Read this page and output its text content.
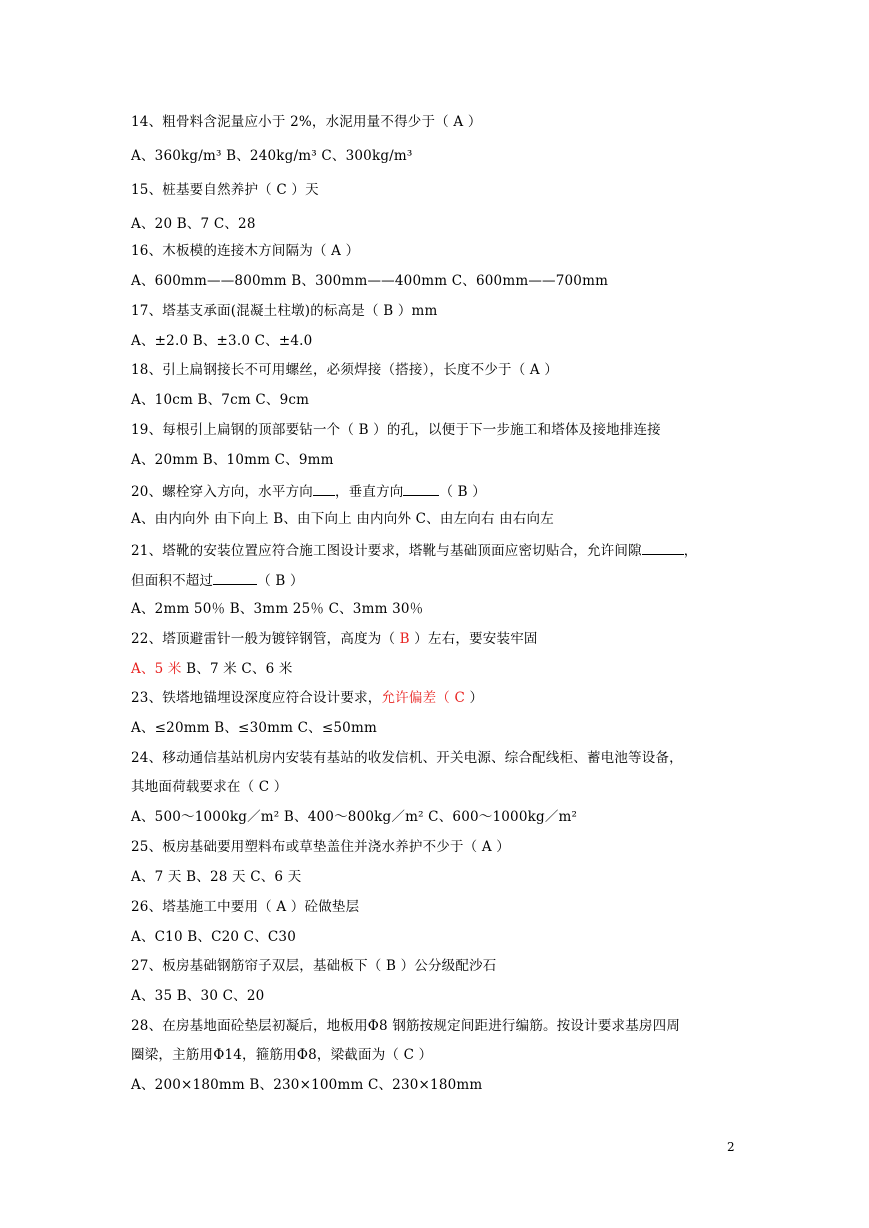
14、粗骨料含泥量应小于 2%，水泥用量不得少于（ A ）
A、360kg/m³ B、240kg/m³ C、300kg/m³
15、桩基要自然养护（ C ）天
A、20 B、7 C、28
16、木板模的连接木方间隔为（ A ）
A、600mm——800mm B、300mm——400mm C、600mm——700mm
17、塔基支承面(混凝土柱墩)的标高是（ B ）mm
A、±2.0 B、±3.0 C、±4.0
18、引上扁钢接长不可用螺丝，必须焊接（搭接），长度不少于（ A ）
A、10cm B、7cm C、9cm
19、每根引上扁钢的顶部要钻一个（ B ）的孔，以便于下一步施工和塔体及接地排连接
A、20mm B、10mm C、9mm
20、螺栓穿入方向，水平方向 ，垂直方向	（ B ）
A、由内向外 由下向上 B、由下向上 由内向外 C、由左向右 由右向左
21、塔靴的安装位置应符合施工图设计要求，塔靴与基础顶面应密切贴合，允许间隙	，
但面积不超过	（ B ）
A、2mm 50％ B、3mm 25％ C、3mm 30％
22、塔顶避雷针一般为镀锌钢管，高度为（ B ）左右，要安装牢固
A、5 米 B、7 米 C、6 米
23、铁塔地锚埋设深度应符合设计要求，允许偏差（ C ）
A、≤20mm B、≤30mm C、≤50mm
24、移动通信基站机房内安装有基站的收发信机、开关电源、综合配线柜、蓄电池等设备，
其地面荷载要求在（ C ）
A、500～1000kg／m² B、400～800kg／m² C、600～1000kg／m²
25、板房基础要用塑料布或草垫盖住并浇水养护不少于（ A ）
A、7 天 B、28 天 C、6 天
26、塔基施工中要用（ A ）砼做垫层
A、C10 B、C20 C、C30
27、板房基础钢筋帘子双层，基础板下（ B ）公分级配沙石
A、35 B、30 C、20
28、在房基地面砼垫层初凝后，地板用Φ8 钢筋按规定间距进行编筋。按设计要求基房四周
圈梁，主筋用Φ14，箍筋用Φ8，梁截面为（ C ）
A、200×180mm B、230×100mm C、230×180mm
2
